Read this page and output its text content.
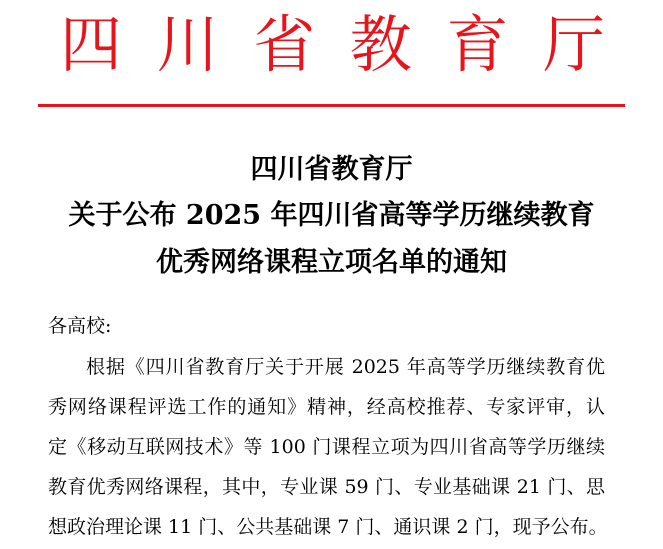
四 川 省 教 育 厅
四川省教育厅
关于公布 2025 年四川省高等学历继续教育
优秀网络课程立项名单的通知
各高校:
根据《四川省教育厅关于开展 2025 年高等学历继续教育优
秀网络课程评选工作的通知》精神，经高校推荐、专家评审，认
定《移动互联网技术》等 100 门课程立项为四川省高等学历继续
教育优秀网络课程，其中，专业课 59 门、专业基础课 21 门、思
想政治理论课 11 门、公共基础课 7 门、通识课 2 门，现予公布。
